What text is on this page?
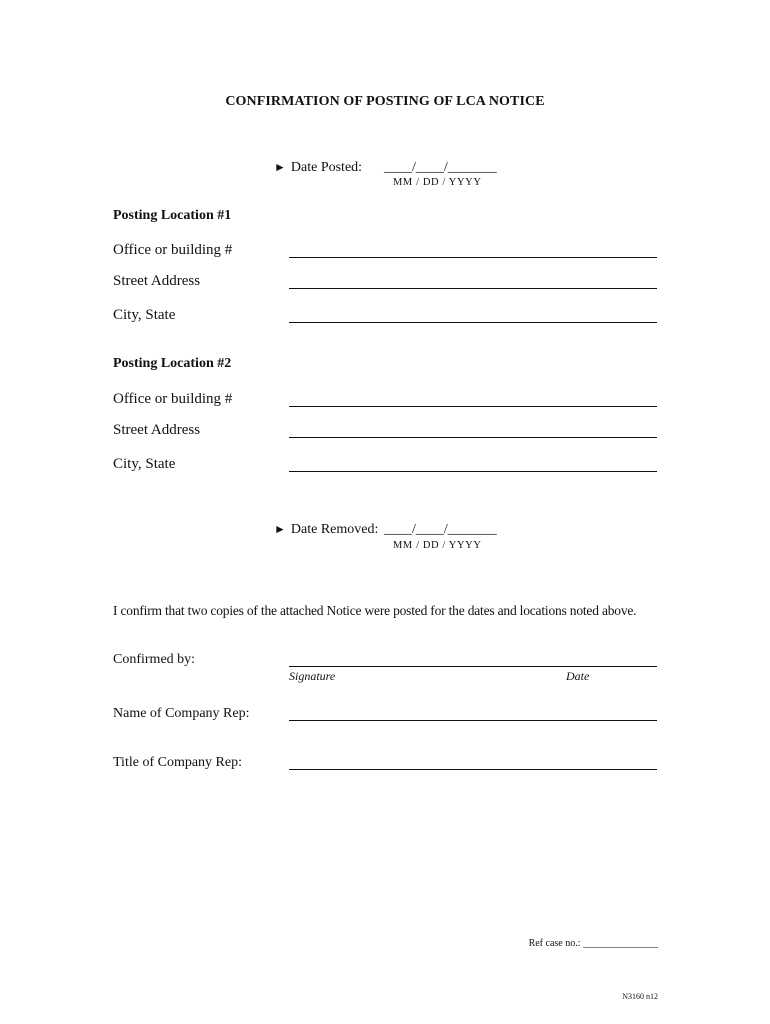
CONFIRMATION OF POSTING OF LCA NOTICE
► Date Posted: ____/____/_______
MM / DD / YYYY
Posting Location #1
Office or building #
Street Address
City, State
Posting Location #2
Office or building #
Street Address
City, State
► Date Removed: ____/____/_______
MM / DD / YYYY
I confirm that two copies of the attached Notice were posted for the dates and locations noted above.
Confirmed by:
Signature	Date
Name of Company Rep:
Title of Company Rep:
Ref case no.: _______________
N3160 n12
